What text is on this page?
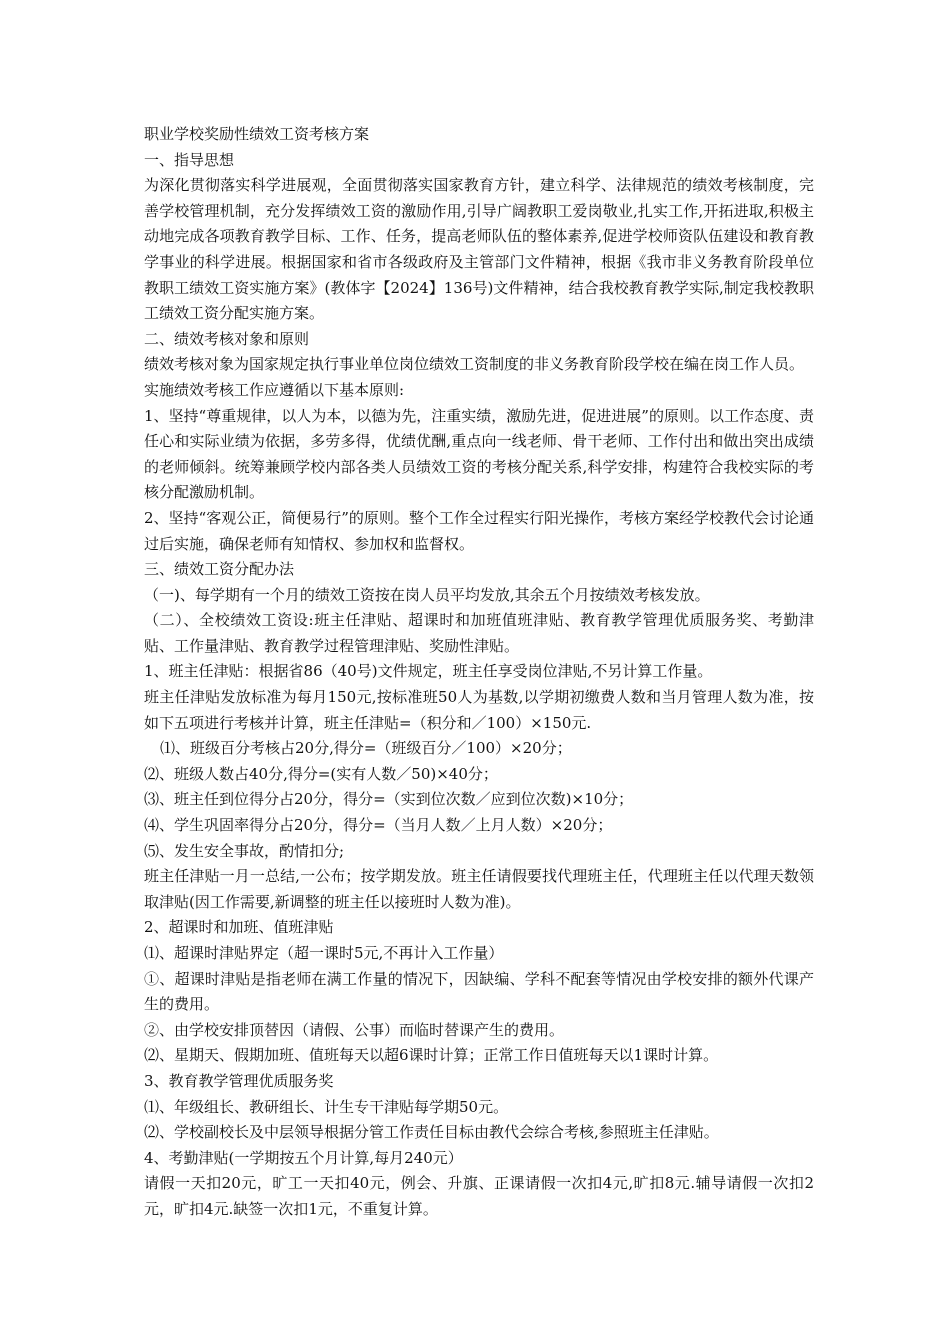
职业学校奖励性绩效工资考核方案

一、指导思想

为深化贯彻落实科学进展观，全面贯彻落实国家教育方针，建立科学、法律规范的绩效考核制度，完善学校管理机制，充分发挥绩效工资的激励作用,引导广阔教职工爱岗敬业,扎实工作,开拓进取,积极主动地完成各项教育教学目标、工作、任务，提高老师队伍的整体素养,促进学校师资队伍建设和教育教学事业的科学进展。根据国家和省市各级政府及主管部门文件精神，根据《我市非义务教育阶段单位教职工绩效工资实施方案》(教体字【2024】136号)文件精神，结合我校教育教学实际,制定我校教职工绩效工资分配实施方案。

二、绩效考核对象和原则

绩效考核对象为国家规定执行事业单位岗位绩效工资制度的非义务教育阶段学校在编在岗工作人员。

实施绩效考核工作应遵循以下基本原则:

1、坚持“尊重规律，以人为本，以德为先，注重实绩，激励先进，促进进展”的原则。以工作态度、责任心和实际业绩为依据，多劳多得，优绩优酬,重点向一线老师、骨干老师、工作付出和做出突出成绩的老师倾斜。统筹兼顾学校内部各类人员绩效工资的考核分配关系,科学安排，构建符合我校实际的考核分配激励机制。

2、坚持“客观公正，简便易行”的原则。整个工作全过程实行阳光操作，考核方案经学校教代会讨论通过后实施，确保老师有知情权、参加权和监督权。

三、绩效工资分配办法

（一)、每学期有一个月的绩效工资按在岗人员平均发放,其余五个月按绩效考核发放。

（二）、全校绩效工资设:班主任津贴、超课时和加班值班津贴、教育教学管理优质服务奖、考勤津贴、工作量津贴、教育教学过程管理津贴、奖励性津贴。

1、班主任津贴：根据省86（40号)文件规定，班主任享受岗位津贴,不另计算工作量。

班主任津贴发放标准为每月150元,按标准班50人为基数,以学期初缴费人数和当月管理人数为准，按如下五项进行考核并计算，班主任津贴=（积分和／100）×150元.

⑴、班级百分考核占20分,得分=（班级百分／100）×20分；

⑵、班级人数占40分,得分=(实有人数／50)×40分；

⑶、班主任到位得分占20分，得分=（实到位次数／应到位次数)×10分；

⑷、学生巩固率得分占20分，得分=（当月人数／上月人数）×20分；

⑸、发生安全事故，酌情扣分;

班主任津贴一月一总结,一公布；按学期发放。班主任请假要找代理班主任，代理班主任以代理天数领取津贴(因工作需要,新调整的班主任以接班时人数为准)。

2、超课时和加班、值班津贴

⑴、超课时津贴界定（超一课时5元,不再计入工作量）

①、超课时津贴是指老师在满工作量的情况下，因缺编、学科不配套等情况由学校安排的额外代课产生的费用。

②、由学校安排顶替因（请假、公事）而临时替课产生的费用。

⑵、星期天、假期加班、值班每天以超6课时计算；正常工作日值班每天以1课时计算。

3、教育教学管理优质服务奖

⑴、年级组长、教研组长、计生专干津贴每学期50元。

⑵、学校副校长及中层领导根据分管工作责任目标由教代会综合考核,参照班主任津贴。

4、考勤津贴(一学期按五个月计算,每月240元）

请假一天扣20元，旷工一天扣40元，例会、升旗、正课请假一次扣4元,旷扣8元.辅导请假一次扣2元，旷扣4元.缺签一次扣1元，不重复计算。
